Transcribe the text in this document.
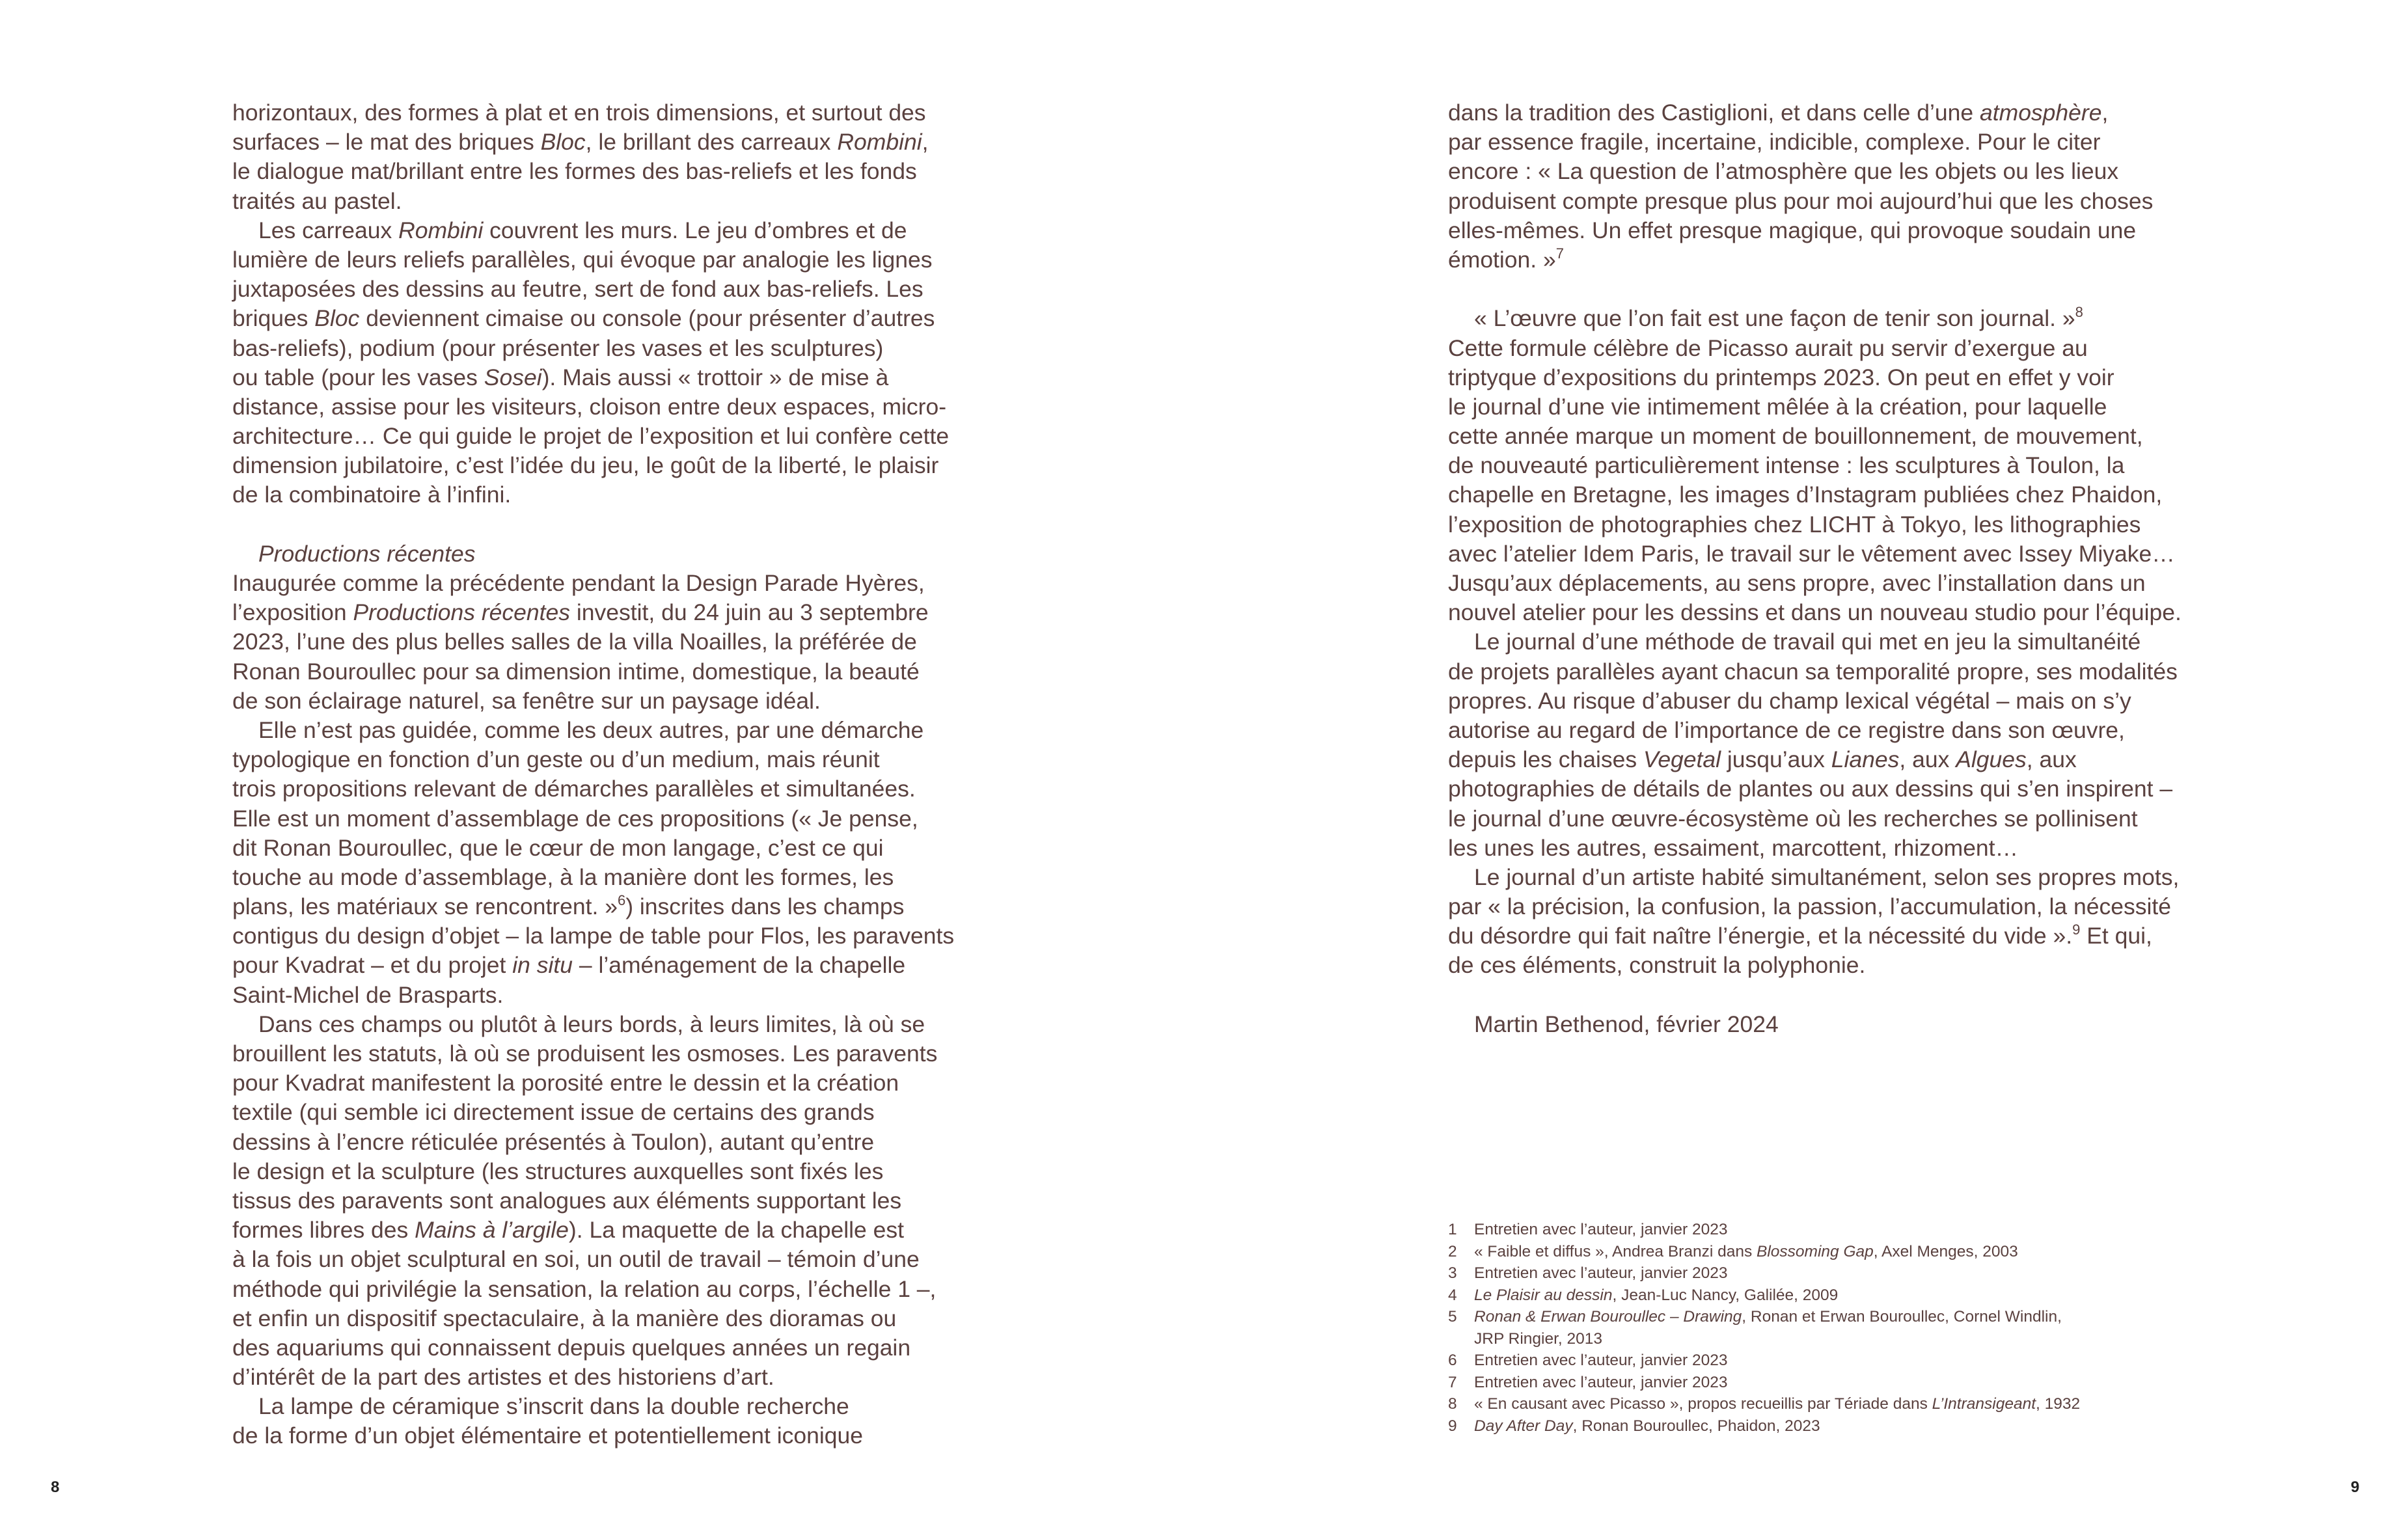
horizontaux, des formes à plat et en trois dimensions, et surtout des
surfaces – le mat des briques Bloc, le brillant des carreaux Rombini,
le dialogue mat/brillant entre les formes des bas-reliefs et les fonds
traités au pastel.
Les carreaux Rombini couvrent les murs. Le jeu d’ombres et de
lumière de leurs reliefs parallèles, qui évoque par analogie les lignes
juxtaposées des dessins au feutre, sert de fond aux bas-reliefs. Les
briques Bloc deviennent cimaise ou console (pour présenter d’autres
bas-reliefs), podium (pour présenter les vases et les sculptures)
ou table (pour les vases Sosei). Mais aussi « trottoir » de mise à
distance, assise pour les visiteurs, cloison entre deux espaces, micro-
architecture… Ce qui guide le projet de l’exposition et lui confère cette
dimension jubilatoire, c’est l’idée du jeu, le goût de la liberté, le plaisir
de la combinatoire à l’infini.
Productions récentes
Inaugurée comme la précédente pendant la Design Parade Hyères,
l’exposition Productions récentes investit, du 24 juin au 3 septembre
2023, l’une des plus belles salles de la villa Noailles, la préférée de
Ronan Bouroullec pour sa dimension intime, domestique, la beauté
de son éclairage naturel, sa fenêtre sur un paysage idéal.
Elle n’est pas guidée, comme les deux autres, par une démarche
typologique en fonction d’un geste ou d’un medium, mais réunit
trois propositions relevant de démarches parallèles et simultanées.
Elle est un moment d’assemblage de ces propositions (« Je pense,
dit Ronan Bouroullec, que le cœur de mon langage, c’est ce qui
touche au mode d’assemblage, à la manière dont les formes, les
plans, les matériaux se rencontrent. »$^6$) inscrites dans les champs
contigus du design d’objet – la lampe de table pour Flos, les paravents
pour Kvadrat – et du projet in situ – l’aménagement de la chapelle
Saint-Michel de Brasparts.
Dans ces champs ou plutôt à leurs bords, à leurs limites, là où se
brouillent les statuts, là où se produisent les osmoses. Les paravents
pour Kvadrat manifestent la porosité entre le dessin et la création
textile (qui semble ici directement issue de certains des grands
dessins à l’encre réticulée présentés à Toulon), autant qu’entre
le design et la sculpture (les structures auxquelles sont fixés les
tissus des paravents sont analogues aux éléments supportant les
formes libres des Mains à l’argile). La maquette de la chapelle est
à la fois un objet sculptural en soi, un outil de travail – témoin d’une
méthode qui privilégie la sensation, la relation au corps, l’échelle 1 –,
et enfin un dispositif spectaculaire, à la manière des dioramas ou
des aquariums qui connaissent depuis quelques années un regain
d’intérêt de la part des artistes et des historiens d’art.
La lampe de céramique s’inscrit dans la double recherche
de la forme d’un objet élémentaire et potentiellement iconique
dans la tradition des Castiglioni, et dans celle d’une atmosphère,
par essence fragile, incertaine, indicible, complexe. Pour le citer
encore : « La question de l’atmosphère que les objets ou les lieux
produisent compte presque plus pour moi aujourd’hui que les choses
elles-mêmes. Un effet presque magique, qui provoque soudain une
émotion. »$^7$
« L’œuvre que l’on fait est une façon de tenir son journal. »$^8$
Cette formule célèbre de Picasso aurait pu servir d’exergue au
triptyque d’expositions du printemps 2023. On peut en effet y voir
le journal d’une vie intimement mêlée à la création, pour laquelle
cette année marque un moment de bouillonnement, de mouvement,
de nouveauté particulièrement intense : les sculptures à Toulon, la
chapelle en Bretagne, les images d’Instagram publiées chez Phaidon,
l’exposition de photographies chez LICHT à Tokyo, les lithographies
avec l’atelier Idem Paris, le travail sur le vêtement avec Issey Miyake…
Jusqu’aux déplacements, au sens propre, avec l’installation dans un
nouvel atelier pour les dessins et dans un nouveau studio pour l’équipe.
Le journal d’une méthode de travail qui met en jeu la simultanéité
de projets parallèles ayant chacun sa temporalité propre, ses modalités
propres. Au risque d’abuser du champ lexical végétal – mais on s’y
autorise au regard de l’importance de ce registre dans son œuvre,
depuis les chaises Vegetal jusqu’aux Lianes, aux Algues, aux
photographies de détails de plantes ou aux dessins qui s’en inspirent –
le journal d’une œuvre-écosystème où les recherches se pollinisent
les unes les autres, essaiment, marcottent, rhizoment…
Le journal d’un artiste habité simultanément, selon ses propres mots,
par « la précision, la confusion, la passion, l’accumulation, la nécessité
du désordre qui fait naître l’énergie, et la nécessité du vide ».$^9$ Et qui,
de ces éléments, construit la polyphonie.
Martin Bethenod, février 2024
1	Entretien avec l’auteur, janvier 2023
2	« Faible et diffus », Andrea Branzi dans Blossoming Gap, Axel Menges, 2003
3	Entretien avec l’auteur, janvier 2023
4	Le Plaisir au dessin, Jean-Luc Nancy, Galilée, 2009
5	Ronan & Erwan Bouroullec – Drawing, Ronan et Erwan Bouroullec, Cornel Windlin,
JRP Ringier, 2013
6	Entretien avec l’auteur, janvier 2023
7	Entretien avec l’auteur, janvier 2023
8	« En causant avec Picasso », propos recueillis par Tériade dans L’Intransigeant, 1932
9	Day After Day, Ronan Bouroullec, Phaidon, 2023
8	9
